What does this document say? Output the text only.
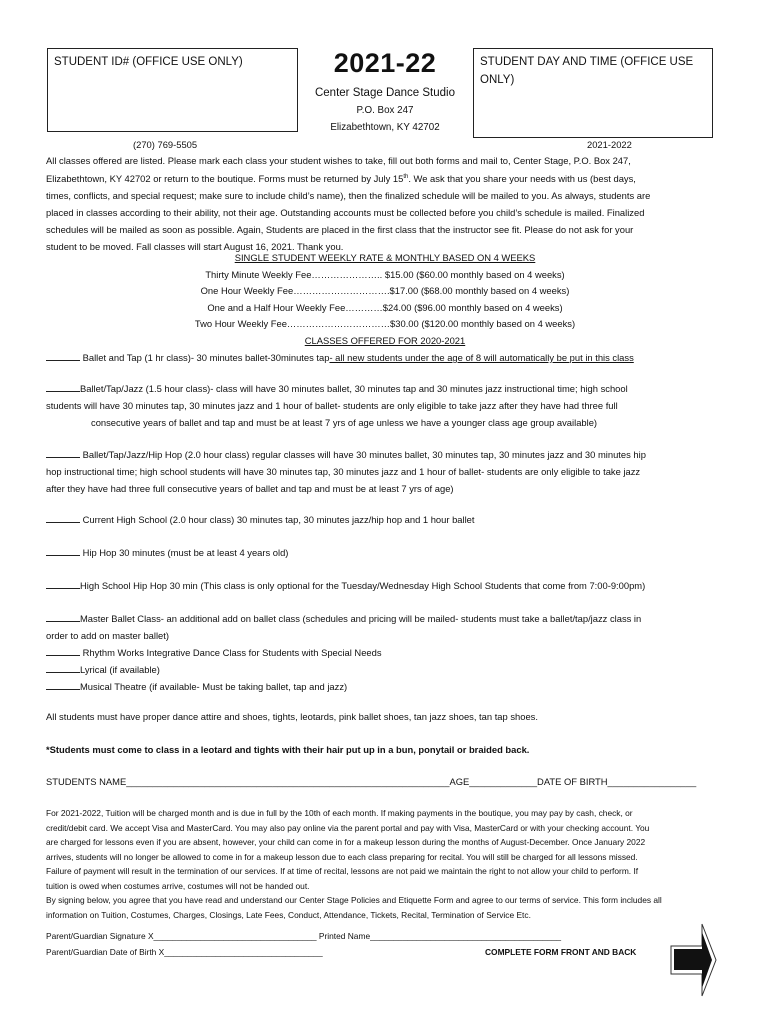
STUDENT ID# (OFFICE USE ONLY)	2021-22
Center Stage Dance Studio
P.O. Box 247
Elizabethtown, KY 42702
STUDENT DAY AND TIME (OFFICE USE ONLY)
(270) 769-5505	2021-2022

All classes offered are listed. Please mark each class your student wishes to take, fill out both forms and mail to, Center Stage, P.O. Box 247,

Elizabethtown, KY 42702 or return to the boutique. Forms must be returned by July 15th. We ask that you share your needs with us (best days,

times, conflicts, and special request; make sure to include child’s name), then the finalized schedule will be mailed to you. As always, students are

placed in classes according to their ability, not their age. Outstanding accounts must be collected before you child’s schedule is mailed. Finalized

schedules will be mailed as soon as possible. Again, Students are placed in the first class that the instructor see fit. Please do not ask for your

student to be moved. Fall classes will start August 16, 2021. Thank you.

SINGLE STUDENT WEEKLY RATE & MONTHLY BASED ON 4 WEEKS

Thirty Minute Weekly Fee………………….. $15.00 ($60.00 monthly based on 4 weeks)

One Hour Weekly Fee………………………….$17.00 ($68.00 monthly based on 4 weeks)

One and a Half Hour Weekly Fee…………$24.00 ($96.00 monthly based on 4 weeks)

Two Hour Weekly Fee……………………………$30.00 ($120.00 monthly based on 4 weeks)

CLASSES OFFERED FOR 2020-2021

Ballet and Tap (1 hr class)- 30 minutes ballet-30minutes tap- all new students under the age of 8 will automatically be put in this class

Ballet/Tap/Jazz (1.5 hour class)- class will have 30 minutes ballet, 30 minutes tap and 30 minutes jazz instructional time; high school

students will have 30 minutes tap, 30 minutes jazz and 1 hour of ballet- students are only eligible to take jazz after they have had three full

consecutive years of ballet and tap and must be at least 7 yrs of age unless we have a younger class age group available)

Ballet/Tap/Jazz/Hip Hop (2.0 hour class) regular classes will have 30 minutes ballet, 30 minutes tap, 30 minutes jazz and 30 minutes hip

hop instructional time; high school students will have 30 minutes tap, 30 minutes jazz and 1 hour of ballet- students are only eligible to take jazz

after they have had three full consecutive years of ballet and tap and must be at least 7 yrs of age)

Current High School (2.0 hour class) 30 minutes tap, 30 minutes jazz/hip hop and 1 hour ballet
Hip Hop 30 minutes (must be at least 4 years old)
High School Hip Hop 30 min (This class is only optional for the Tuesday/Wednesday High School Students that come from 7:00-9:00pm)

Master Ballet Class- an additional add on ballet class (schedules and pricing will be mailed- students must take a ballet/tap/jazz class in

order to add on master ballet)

Rhythm Works Integrative Dance Class for Students with Special Needs

Lyrical (if available)

Musical Theatre (if available- Must be taking ballet, tap and jazz)

All students must have proper dance attire and shoes, tights, leotards, pink ballet shoes, tan jazz shoes, tan tap shoes.
*Students must come to class in a leotard and tights with their hair put up in a bun, ponytail or braided back.
STUDENTS NAME______________________________________________________________AGE_____________DATE OF BIRTH_________________

For 2021-2022, Tuition will be charged month and is due in full by the 10th of each month. If making payments in the boutique, you may pay by cash, check, or

credit/debit card. We accept Visa and MasterCard. You may also pay online via the parent portal and pay with Visa, MasterCard or with your checking account. You

are charged for lessons even if you are absent, however, your child can come in for a makeup lesson during the months of August-December. Once January 2022

arrives, students will no longer be allowed to come in for a makeup lesson due to each class preparing for recital. You will still be charged for all lessons missed.

Failure of payment will result in the termination of our services. If at time of recital, lessons are not paid we maintain the right to not allow your child to perform. If

tuition is owed when costumes arrive, costumes will not be handed out.

By signing below, you agree that you have read and understand our Center Stage Policies and Etiquette Form and agree to our terms of service. This form includes all

information on Tuition, Costumes, Charges, Closings, Late Fees, Conduct, Attendance, Tickets, Recital, Termination of Service Etc.

Parent/Guardian Signature X___________________________________ Printed Name_________________________________________
Parent/Guardian Date of Birth X__________________________________	COMPLETE FORM FRONT AND BACK
